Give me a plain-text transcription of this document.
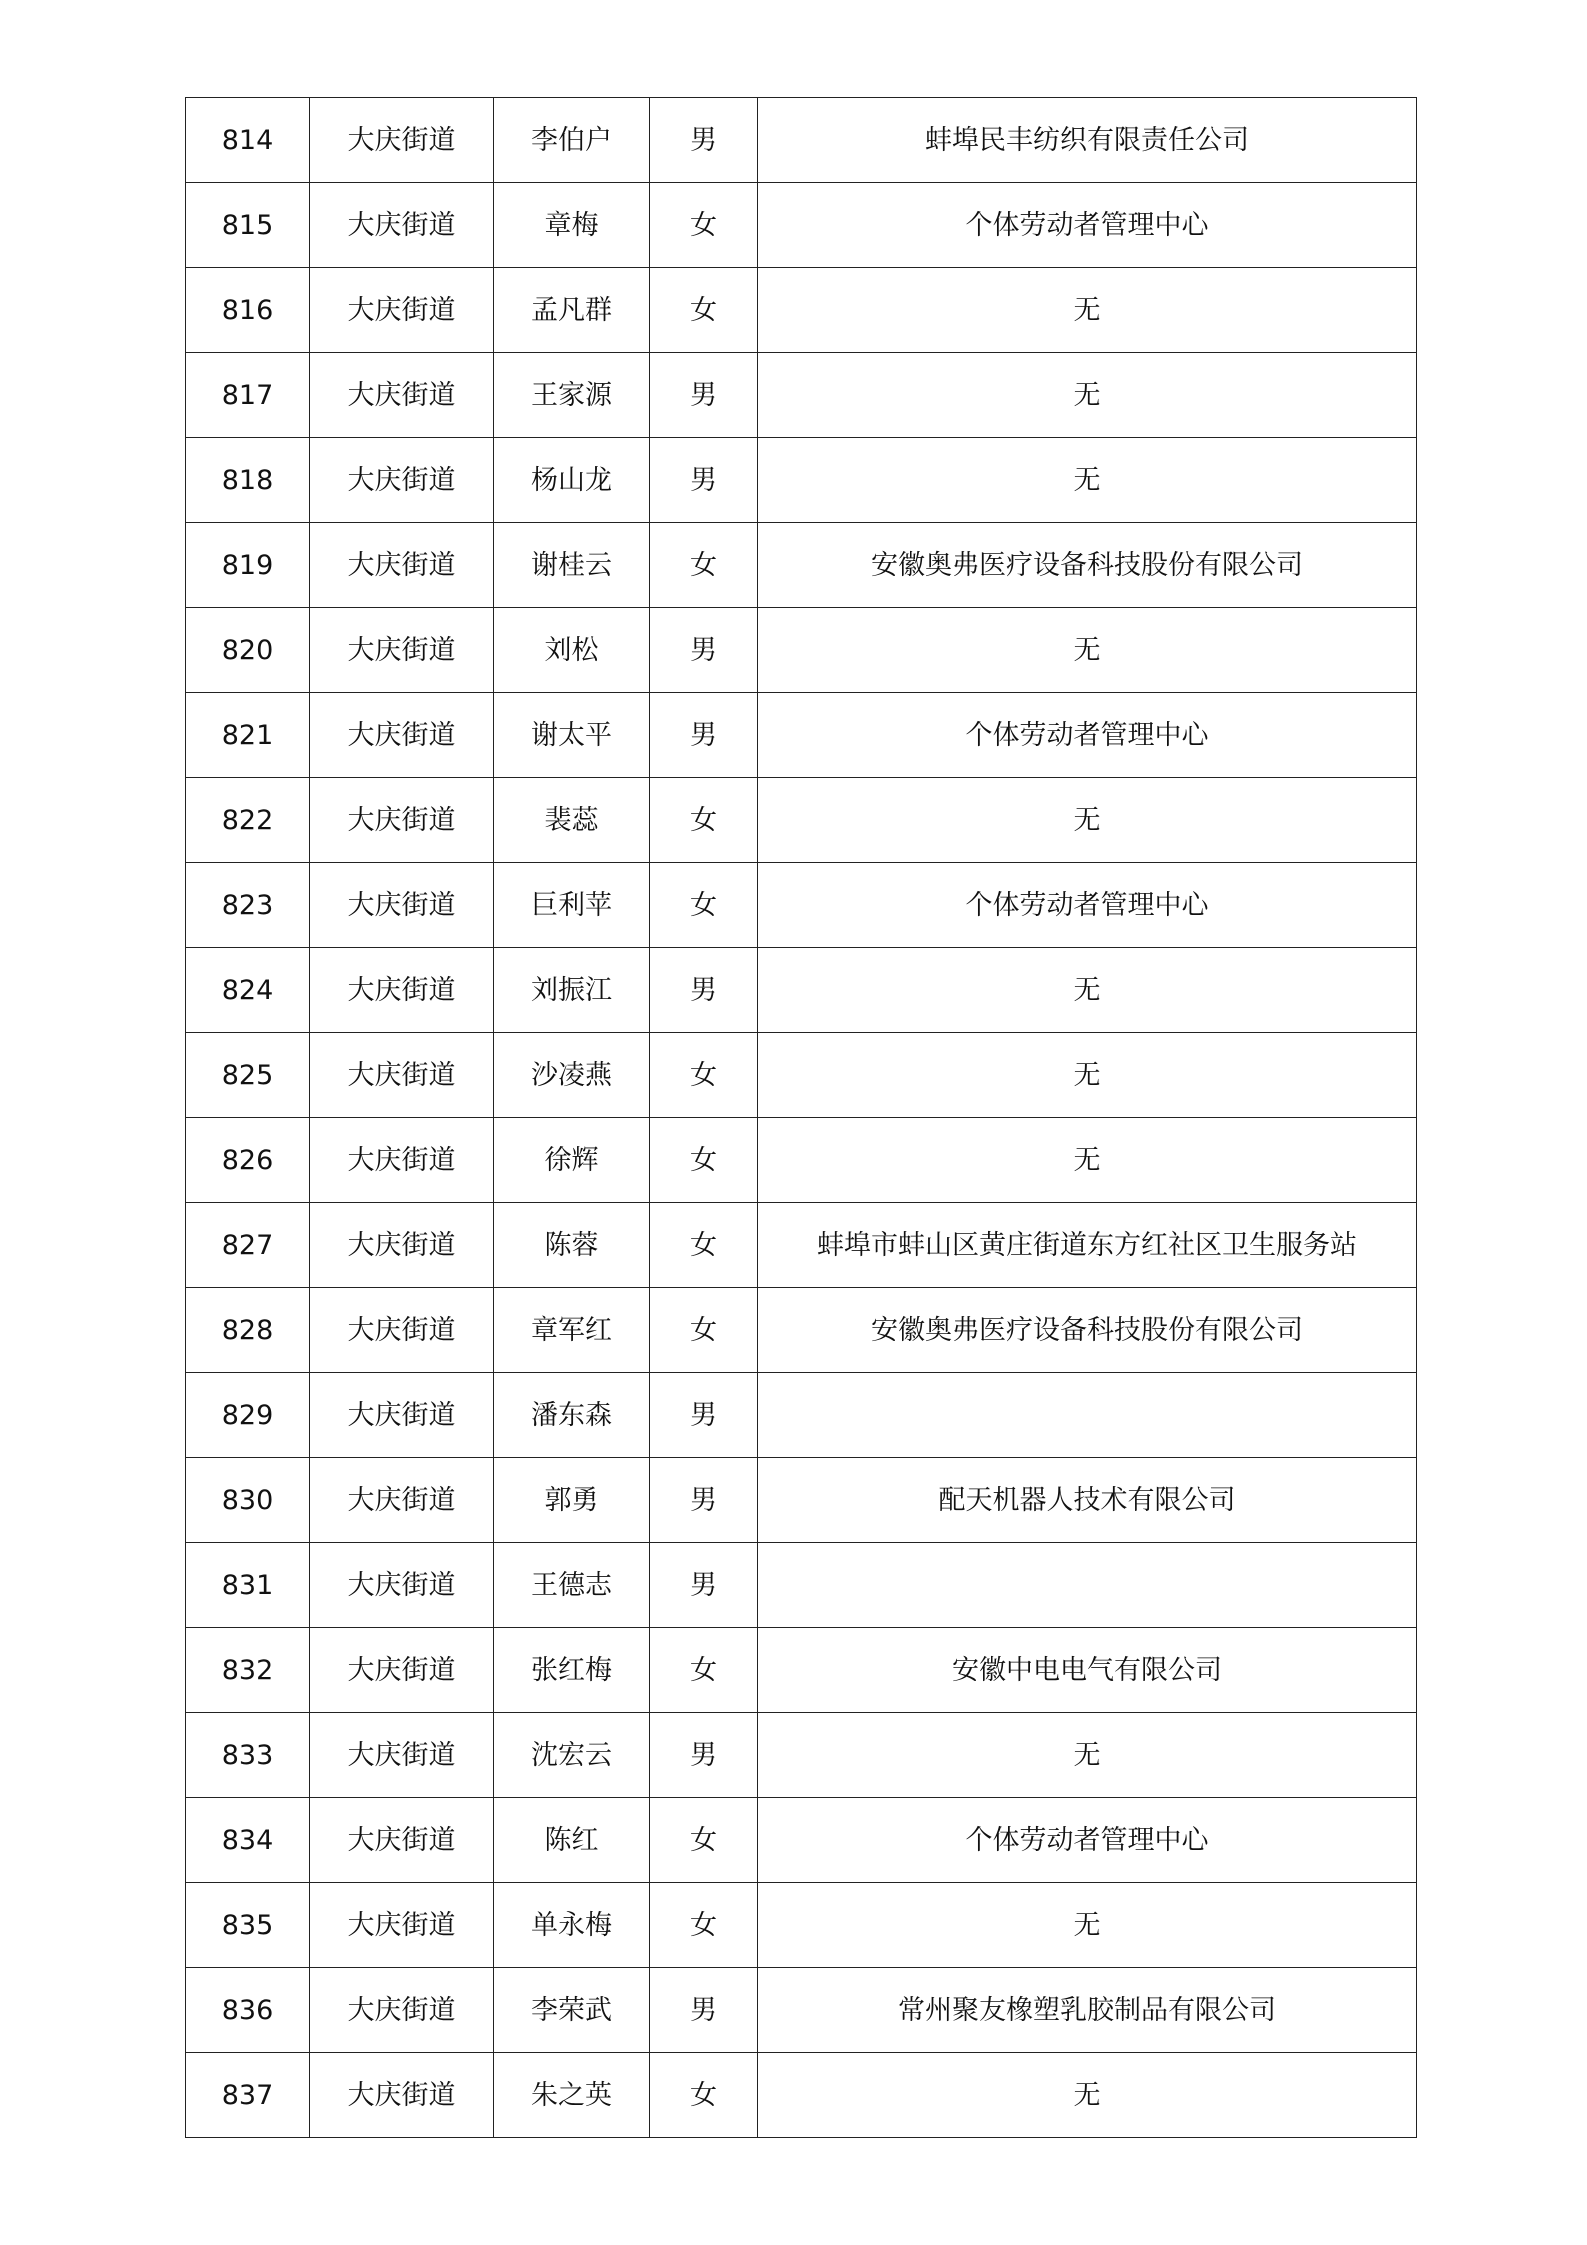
814	大庆街道	李伯户	男	蚌埠民丰纺织有限责任公司
815	大庆街道	章梅	女	个体劳动者管理中心
816	大庆街道	孟凡群	女	无
817	大庆街道	王家源	男	无
818	大庆街道	杨山龙	男	无
819	大庆街道	谢桂云	女	安徽奥弗医疗设备科技股份有限公司
820	大庆街道	刘松	男	无
821	大庆街道	谢太平	男	个体劳动者管理中心
822	大庆街道	裴蕊	女	无
823	大庆街道	巨利苹	女	个体劳动者管理中心
824	大庆街道	刘振江	男	无
825	大庆街道	沙凌燕	女	无
826	大庆街道	徐辉	女	无
827	大庆街道	陈蓉	女	蚌埠市蚌山区黄庄街道东方红社区卫生服务站
828	大庆街道	章军红	女	安徽奥弗医疗设备科技股份有限公司
829	大庆街道	潘东森	男	
830	大庆街道	郭勇	男	配天机器人技术有限公司
831	大庆街道	王德志	男	
832	大庆街道	张红梅	女	安徽中电电气有限公司
833	大庆街道	沈宏云	男	无
834	大庆街道	陈红	女	个体劳动者管理中心
835	大庆街道	单永梅	女	无
836	大庆街道	李荣武	男	常州聚友橡塑乳胶制品有限公司
837	大庆街道	朱之英	女	无
